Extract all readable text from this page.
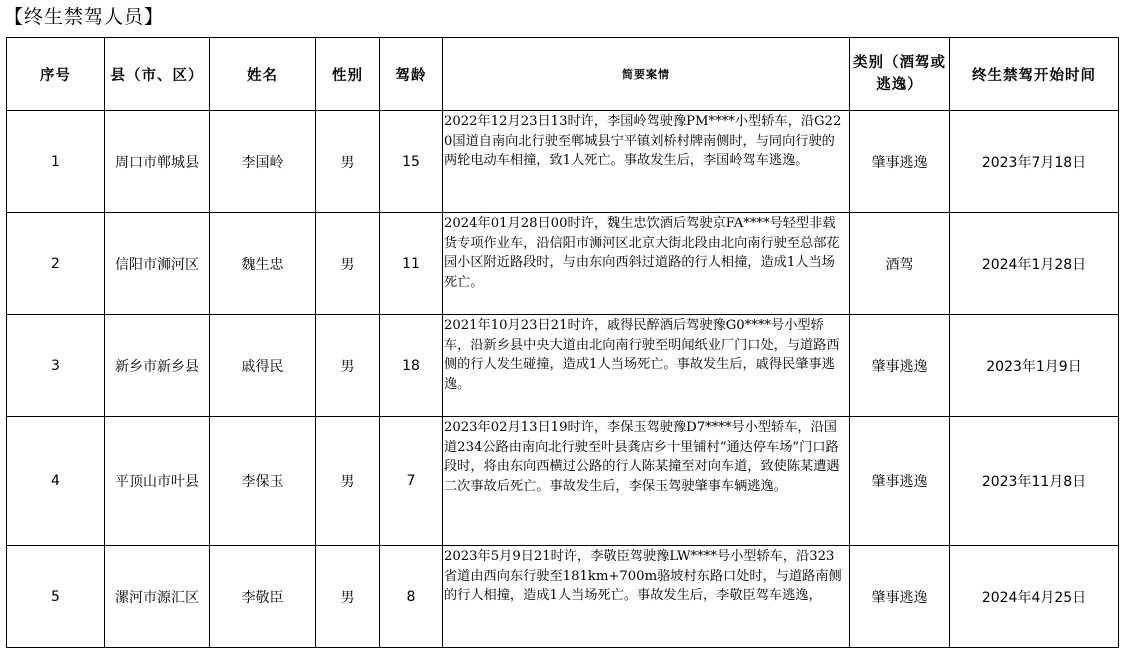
【终生禁驾人员】
序号	县（市、区）	姓名	性别	驾龄	简要案情	类别（酒驾或逃逸）	终生禁驾开始时间
1	周口市郸城县	李国岭	男	15	2022年12月23日13时许，李国岭驾驶豫PM****小型轿车，沿G220国道自南向北行驶至郸城县宁平镇刘桥村牌南侧时，与同向行驶的两轮电动车相撞，致1人死亡。事故发生后，李国岭驾车逃逸。	肇事逃逸	2023年7月18日
2	信阳市浉河区	魏生忠	男	11	2024年01月28日00时许，魏生忠饮酒后驾驶京FA****号轻型非载货专项作业车，沿信阳市浉河区北京大街北段由北向南行驶至总部花园小区附近路段时，与由东向西斜过道路的行人相撞，造成1人当场死亡。	酒驾	2024年1月28日
3	新乡市新乡县	戚得民	男	18	2021年10月23日21时许，戚得民醉酒后驾驶豫G0****号小型轿车，沿新乡县中央大道由北向南行驶至明闻纸业厂门口处，与道路西侧的行人发生碰撞，造成1人当场死亡。事故发生后，戚得民肇事逃逸。	肇事逃逸	2023年1月9日
4	平顶山市叶县	李保玉	男	7	2023年02月13日19时许，李保玉驾驶豫D7****号小型轿车，沿国道234公路由南向北行驶至叶县龚店乡十里铺村“通达停车场”门口路段时，将由东向西横过公路的行人陈某撞至对向车道，致使陈某遭遇二次事故后死亡。事故发生后，李保玉驾驶肇事车辆逃逸。	肇事逃逸	2023年11月8日
5	漯河市源汇区	李敬臣	男	8	2023年5月9日21时许，李敬臣驾驶豫LW****号小型轿车，沿323省道由西向东行驶至181km+700m骆坡村东路口处时，与道路南侧的行人相撞，造成1人当场死亡。事故发生后，李敬臣驾车逃逸，	肇事逃逸	2024年4月25日
